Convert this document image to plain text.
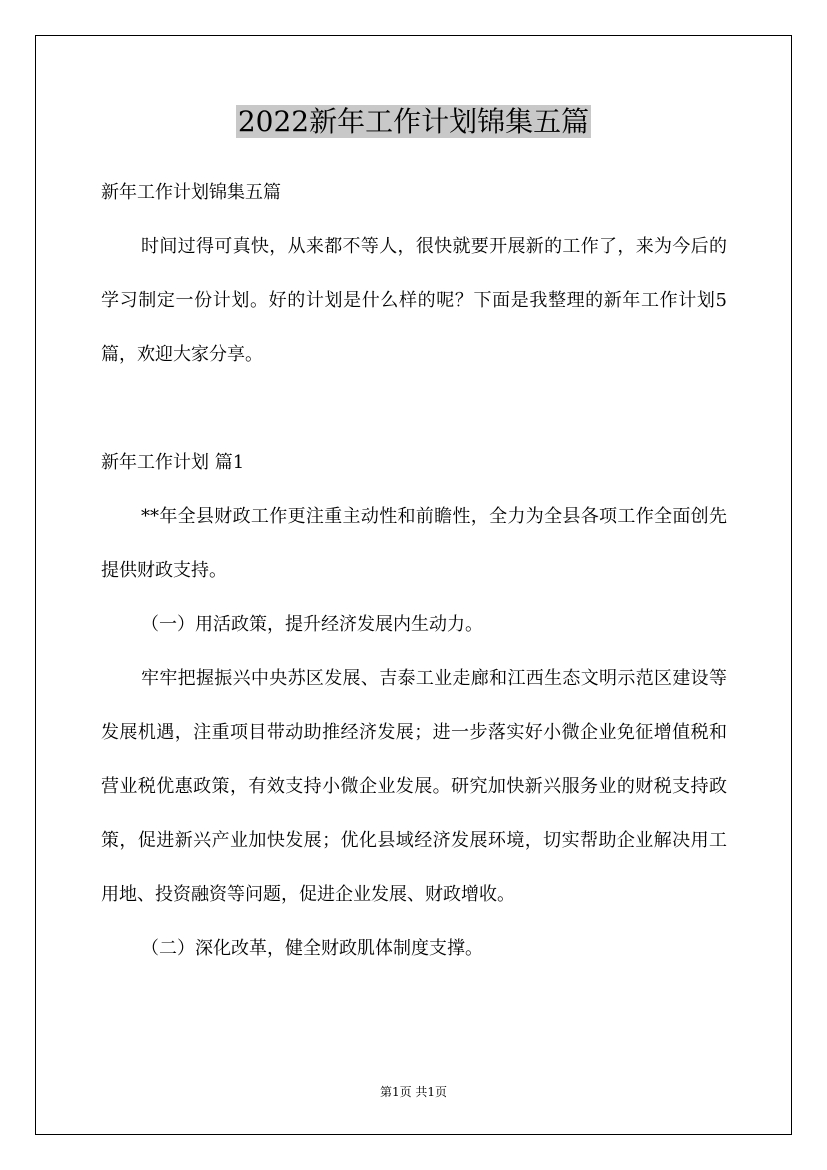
2022新年工作计划锦集五篇

新年工作计划锦集五篇

时间过得可真快，从来都不等人，很快就要开展新的工作了，来为今后的学习制定一份计划。好的计划是什么样的呢？下面是我整理的新年工作计划5篇，欢迎大家分享。

新年工作计划 篇1

**年全县财政工作更注重主动性和前瞻性，全力为全县各项工作全面创先提供财政支持。

（一）用活政策，提升经济发展内生动力。

牢牢把握振兴中央苏区发展、吉泰工业走廊和江西生态文明示范区建设等发展机遇，注重项目带动助推经济发展；进一步落实好小微企业免征增值税和营业税优惠政策，有效支持小微企业发展。研究加快新兴服务业的财税支持政策，促进新兴产业加快发展；优化县域经济发展环境，切实帮助企业解决用工用地、投资融资等问题，促进企业发展、财政增收。

（二）深化改革，健全财政肌体制度支撑。

第1页 共1页
